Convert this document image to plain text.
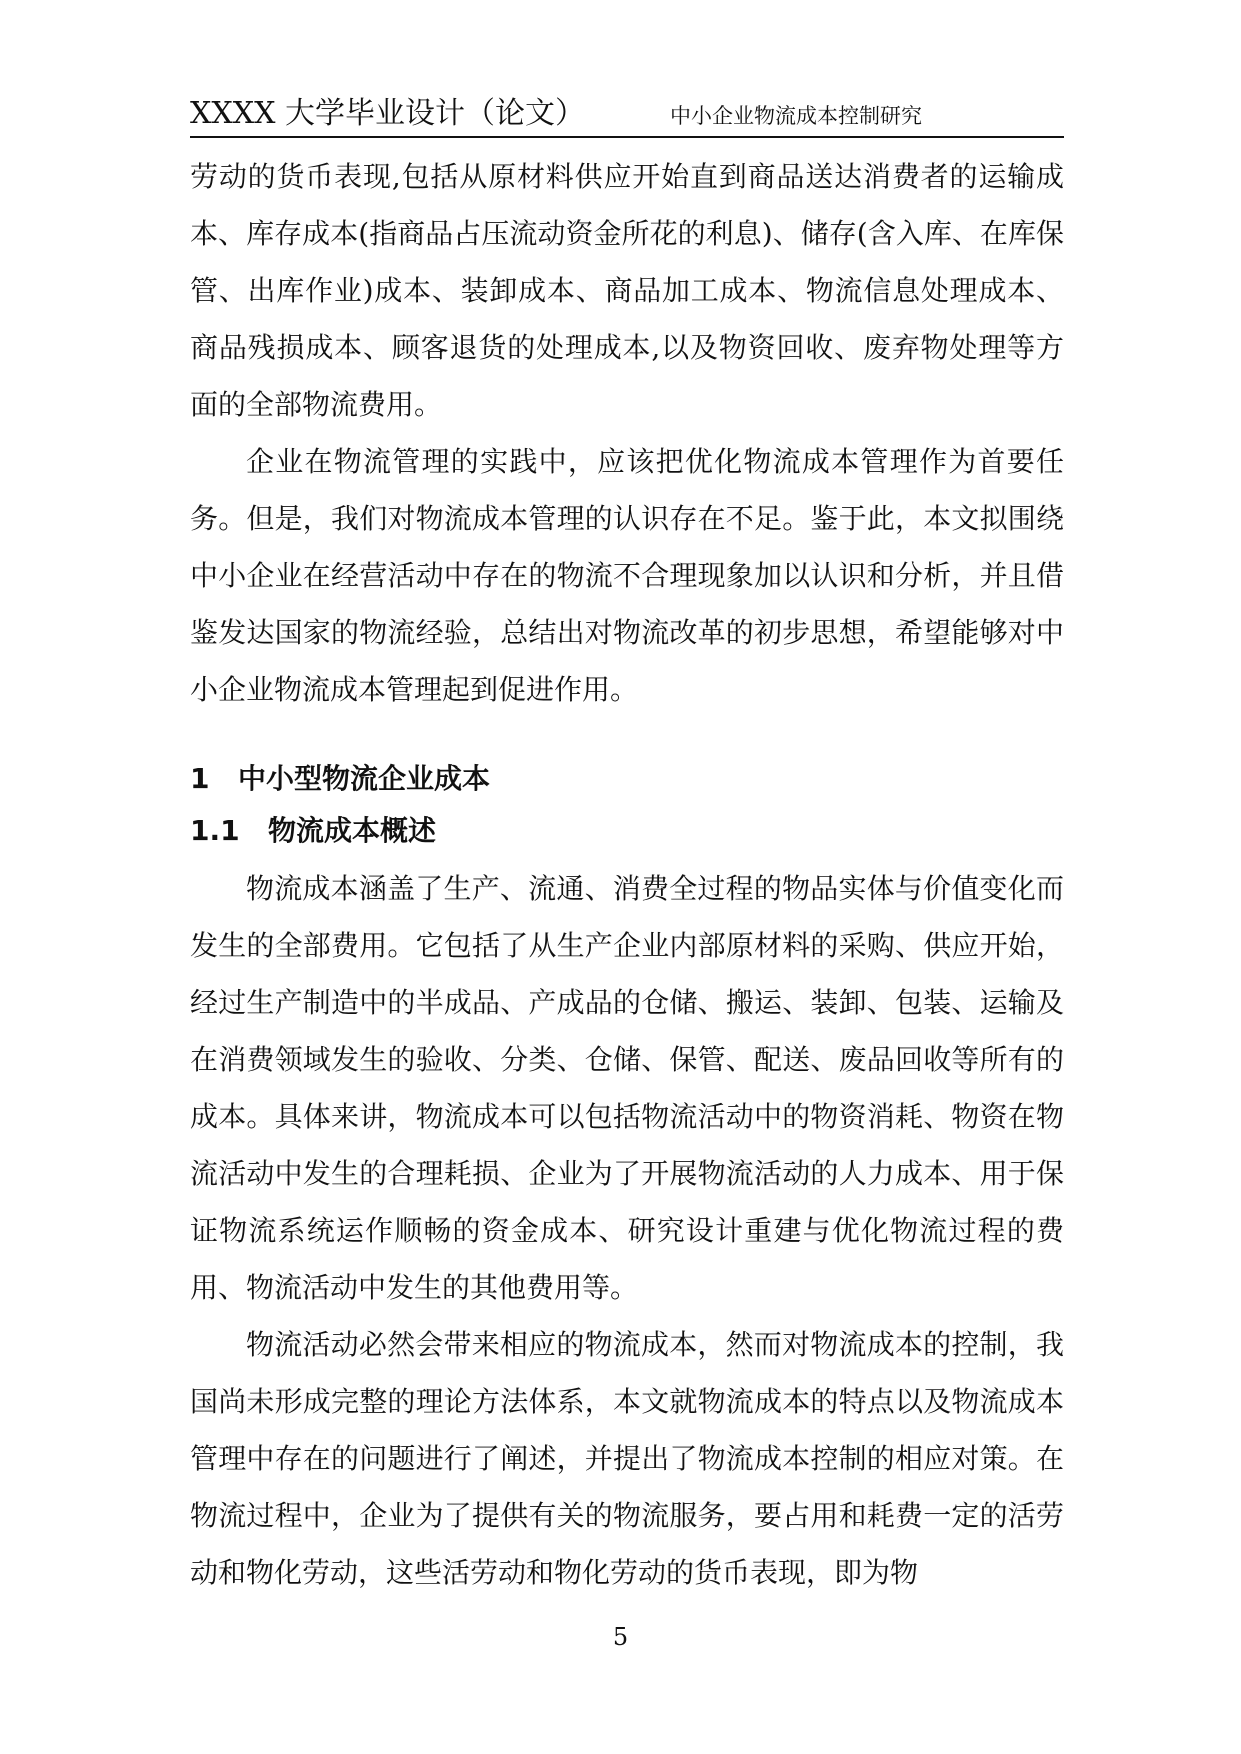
XXXX 大学毕业设计（论文）	中小企业物流成本控制研究

劳动的货币表现,包括从原材料供应开始直到商品送达消费者的运输成本、库存成本(指商品占压流动资金所花的利息)、储存(含入库、在库保管、出库作业)成本、装卸成本、商品加工成本、物流信息处理成本、商品残损成本、顾客退货的处理成本,以及物资回收、废弃物处理等方面的全部物流费用。

企业在物流管理的实践中，应该把优化物流成本管理作为首要任务。但是，我们对物流成本管理的认识存在不足。鉴于此，本文拟围绕中小企业在经营活动中存在的物流不合理现象加以认识和分析，并且借鉴发达国家的物流经验，总结出对物流改革的初步思想，希望能够对中小企业物流成本管理起到促进作用。

1 中小型物流企业成本
1.1 物流成本概述

物流成本涵盖了生产、流通、消费全过程的物品实体与价值变化而发生的全部费用。它包括了从生产企业内部原材料的采购、供应开始，经过生产制造中的半成品、产成品的仓储、搬运、装卸、包装、运输及在消费领域发生的验收、分类、仓储、保管、配送、废品回收等所有的成本。具体来讲，物流成本可以包括物流活动中的物资消耗、物资在物流活动中发生的合理耗损、企业为了开展物流活动的人力成本、用于保证物流系统运作顺畅的资金成本、研究设计重建与优化物流过程的费用、物流活动中发生的其他费用等。

物流活动必然会带来相应的物流成本，然而对物流成本的控制，我国尚未形成完整的理论方法体系，本文就物流成本的特点以及物流成本管理中存在的问题进行了阐述，并提出了物流成本控制的相应对策。在物流过程中，企业为了提供有关的物流服务，要占用和耗费一定的活劳动和物化劳动，这些活劳动和物化劳动的货币表现，即为物

5
